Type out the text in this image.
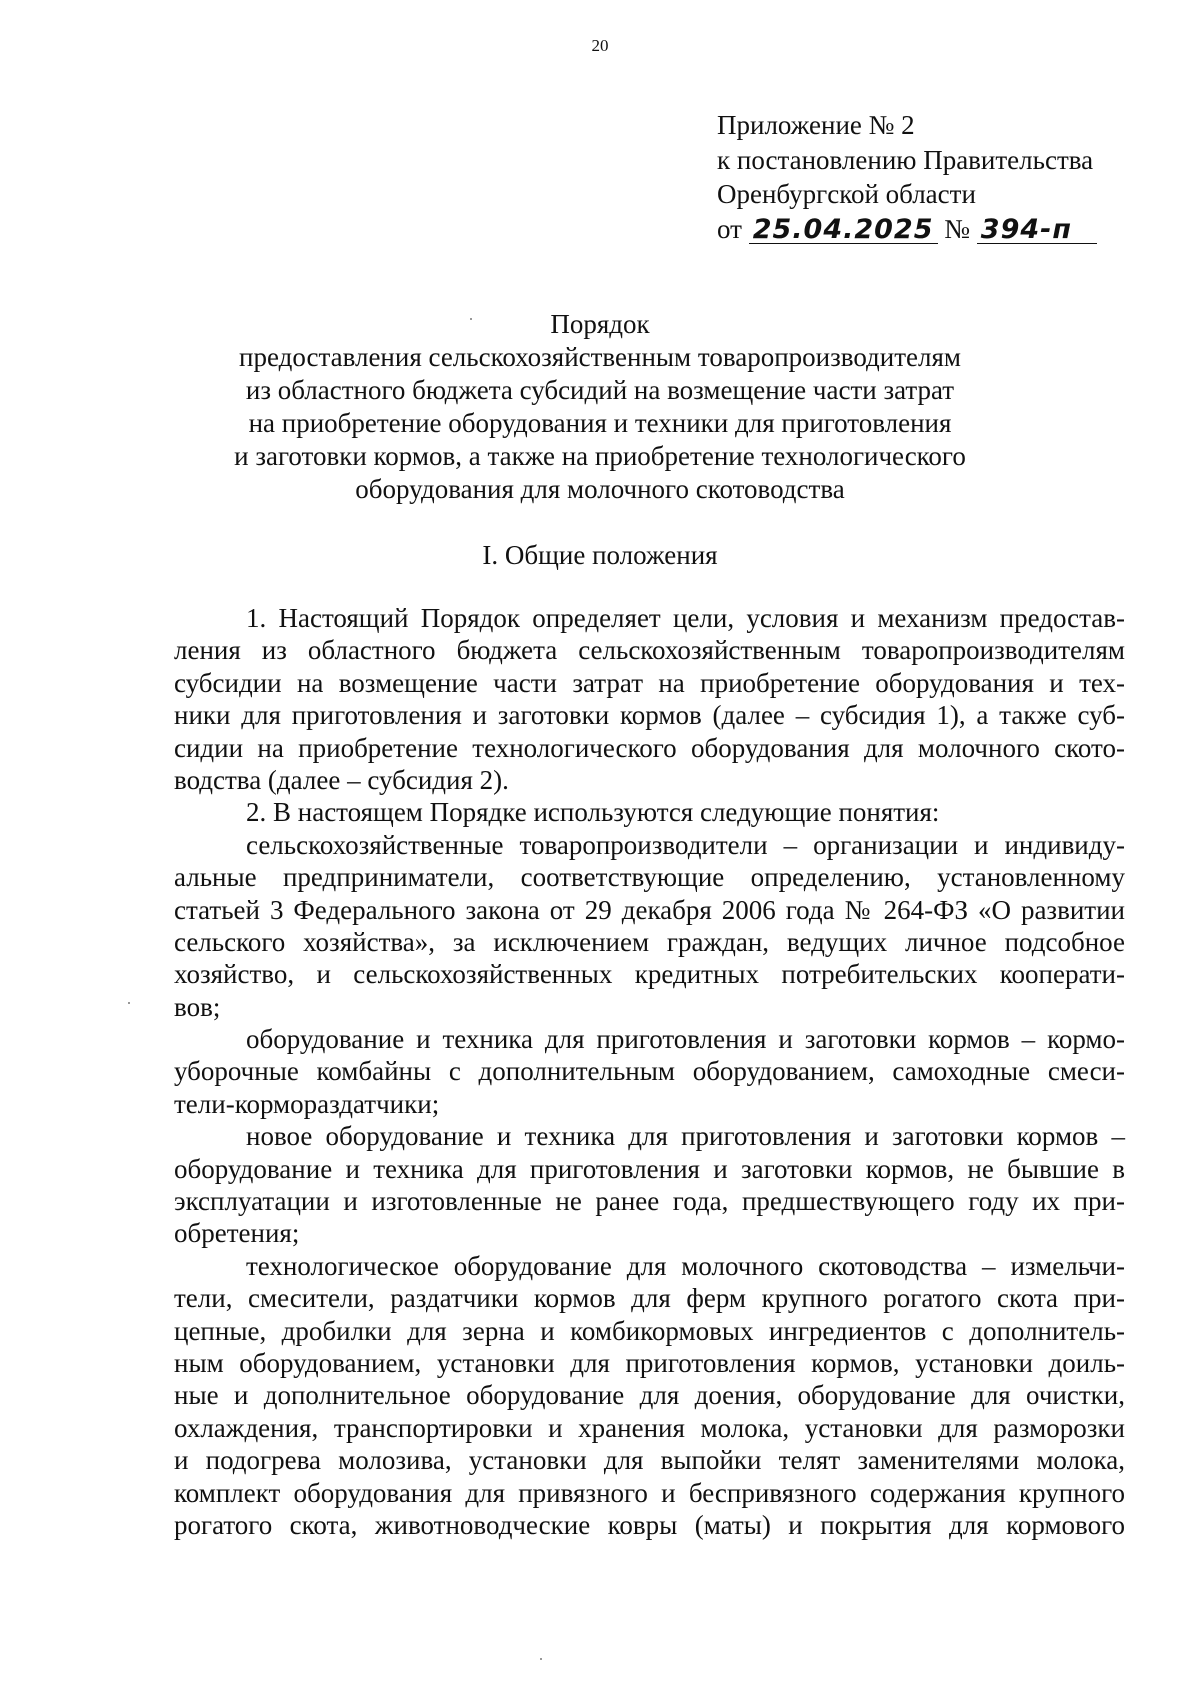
20
Приложение № 2
к постановлению Правительства
Оренбургской области
от 25.04.2025 № 394-п
Порядок
предоставления сельскохозяйственным товаропроизводителям
из областного бюджета субсидий на возмещение части затрат
на приобретение оборудования и техники для приготовления
и заготовки кормов, а также на приобретение технологического
оборудования для молочного скотоводства
I. Общие положения
1. Настоящий Порядок определяет цели, условия и механизм предостав-
ления из областного бюджета сельскохозяйственным товаропроизводителям
субсидии на возмещение части затрат на приобретение оборудования и тех-
ники для приготовления и заготовки кормов (далее – субсидия 1), а также суб-
сидии на приобретение технологического оборудования для молочного ското-
водства (далее – субсидия 2).
2. В настоящем Порядке используются следующие понятия:
сельскохозяйственные товаропроизводители – организации и индивиду-
альные предприниматели, соответствующие определению, установленному
статьей 3 Федерального закона от 29 декабря 2006 года № 264-ФЗ «О развитии
сельского хозяйства», за исключением граждан, ведущих личное подсобное
хозяйство, и сельскохозяйственных кредитных потребительских кооперати-
вов;
оборудование и техника для приготовления и заготовки кормов – кормо-
уборочные комбайны с дополнительным оборудованием, самоходные смеси-
тели-кормораздатчики;
новое оборудование и техника для приготовления и заготовки кормов –
оборудование и техника для приготовления и заготовки кормов, не бывшие в
эксплуатации и изготовленные не ранее года, предшествующего году их при-
обретения;
технологическое оборудование для молочного скотоводства – измельчи-
тели, смесители, раздатчики кормов для ферм крупного рогатого скота при-
цепные, дробилки для зерна и комбикормовых ингредиентов с дополнитель-
ным оборудованием, установки для приготовления кормов, установки доиль-
ные и дополнительное оборудование для доения, оборудование для очистки,
охлаждения, транспортировки и хранения молока, установки для разморозки
и подогрева молозива, установки для выпойки телят заменителями молока,
комплект оборудования для привязного и беспривязного содержания крупного
рогатого скота, животноводческие ковры (маты) и покрытия для кормового
